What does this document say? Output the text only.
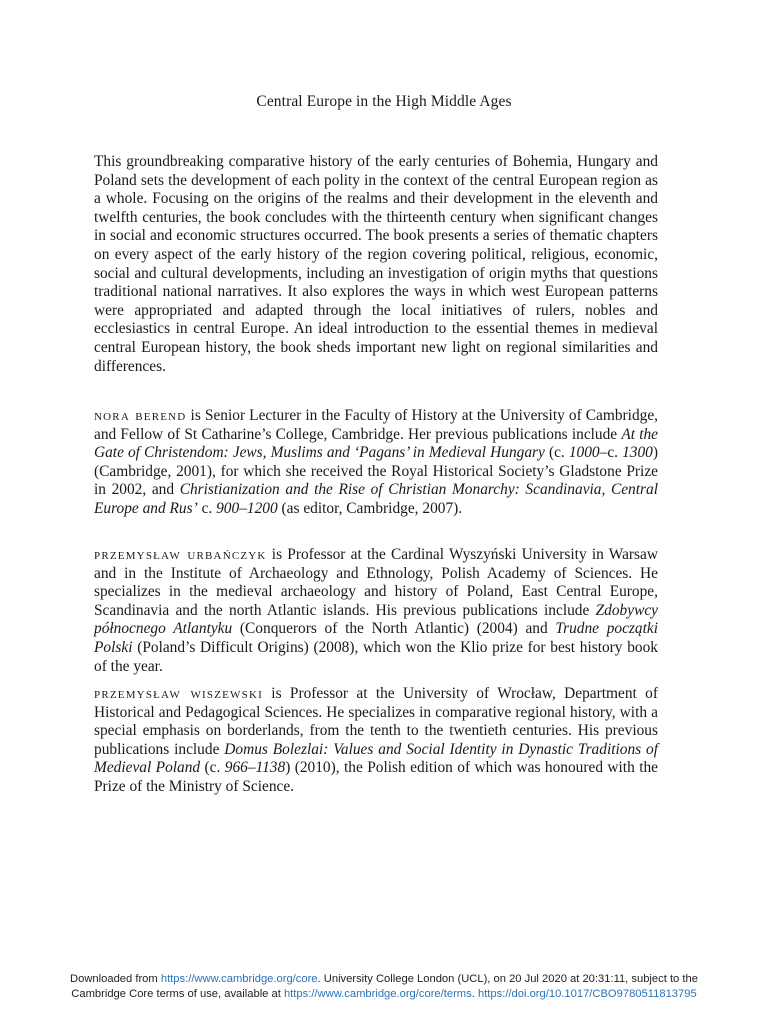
Central Europe in the High Middle Ages

This groundbreaking comparative history of the early centuries of Bohemia, Hungary and Poland sets the development of each polity in the context of the central European region as a whole. Focusing on the origins of the realms and their development in the eleventh and twelfth centuries, the book concludes with the thirteenth century when significant changes in social and economic structures occurred. The book presents a series of thematic chapters on every aspect of the early history of the region covering political, religious, economic, social and cultural developments, including an investigation of origin myths that questions traditional national narratives. It also explores the ways in which west European patterns were appropriated and adapted through the local initiatives of rulers, nobles and ecclesiastics in central Europe. An ideal introduction to the essential themes in medieval central European history, the book sheds important new light on regional similarities and differences.

nora berend is Senior Lecturer in the Faculty of History at the University of Cambridge, and Fellow of St Catharine’s College, Cambridge. Her previous publications include At the Gate of Christendom: Jews, Muslims and ‘Pagans’ in Medieval Hungary (c. 1000–c. 1300) (Cambridge, 2001), for which she received the Royal Historical Society’s Gladstone Prize in 2002, and Christianization and the Rise of Christian Monarchy: Scandinavia, Central Europe and Rus’ c. 900–1200 (as editor, Cambridge, 2007).

przemysław urbańczyk is Professor at the Cardinal Wyszyński University in Warsaw and in the Institute of Archaeology and Ethnology, Polish Academy of Sciences. He specializes in the medieval archaeology and history of Poland, East Central Europe, Scandinavia and the north Atlantic islands. His previous publications include Zdobywcy północnego Atlantyku (Conquerors of the North Atlantic) (2004) and Trudne początki Polski (Poland’s Difficult Origins) (2008), which won the Klio prize for best history book of the year.

przemysław wiszewski is Professor at the University of Wrocław, Department of Historical and Pedagogical Sciences. He specializes in comparative regional history, with a special emphasis on borderlands, from the tenth to the twentieth centuries. His previous publications include Domus Bolezlai: Values and Social Identity in Dynastic Traditions of Medieval Poland (c. 966–1138) (2010), the Polish edition of which was honoured with the Prize of the Ministry of Science.

Downloaded from https://www.cambridge.org/core. University College London (UCL), on 20 Jul 2020 at 20:31:11, subject to the
Cambridge Core terms of use, available at https://www.cambridge.org/core/terms. https://doi.org/10.1017/CBO9780511813795
